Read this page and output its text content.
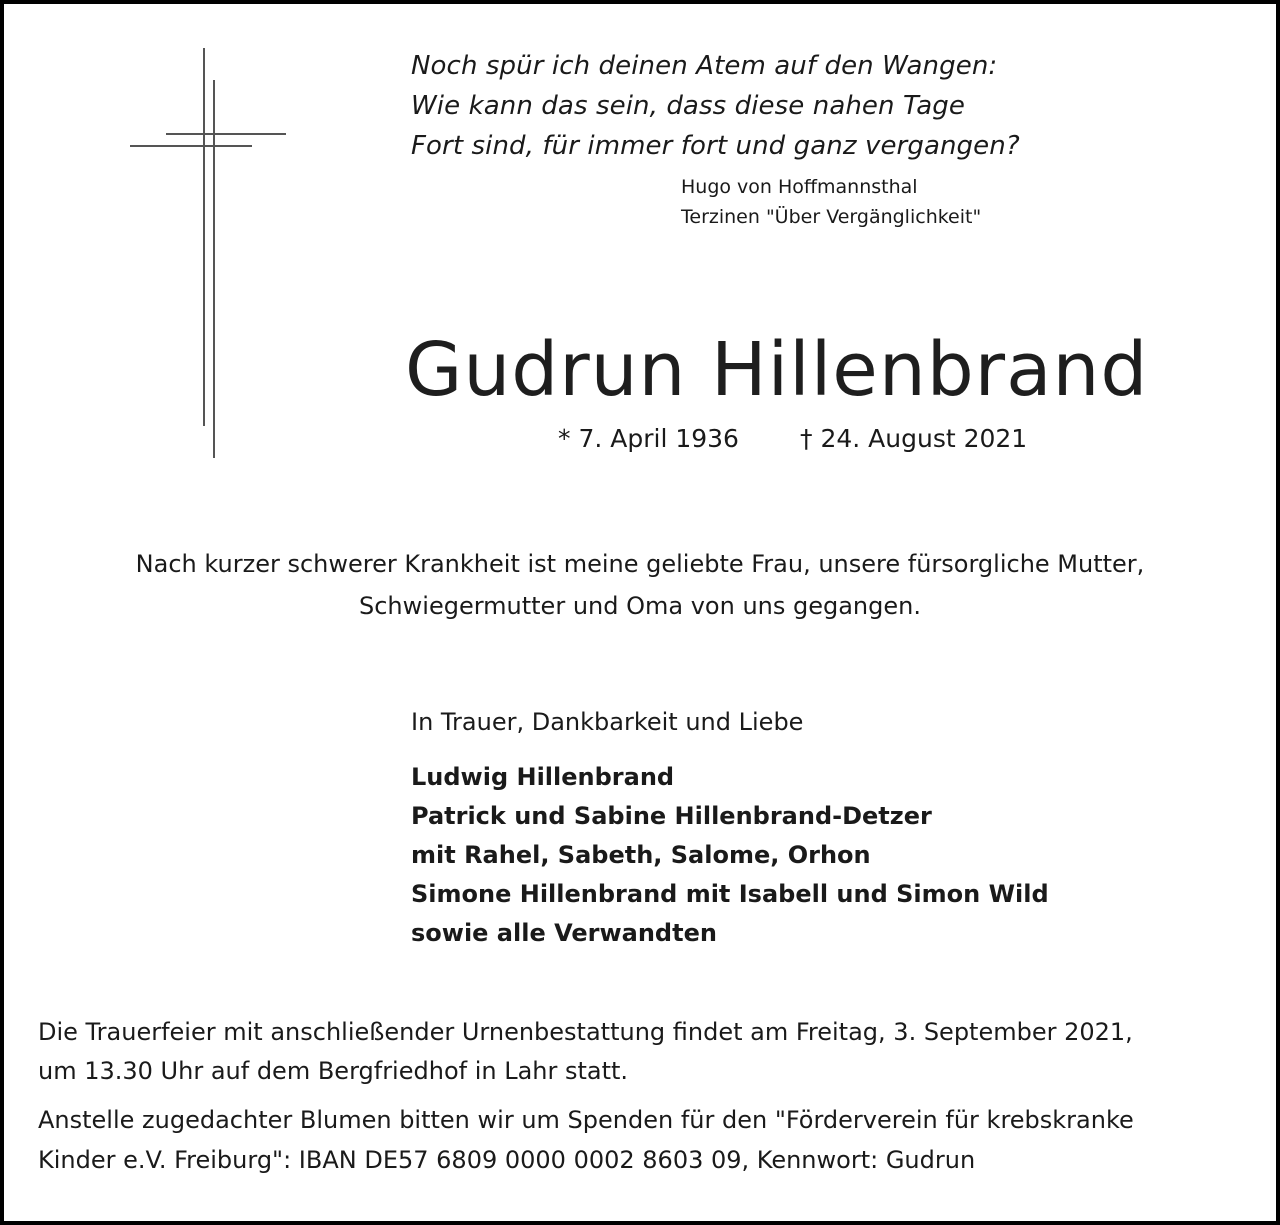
Noch spür ich deinen Atem auf den Wangen:
Wie kann das sein, dass diese nahen Tage
Fort sind, für immer fort und ganz vergangen?
Hugo von Hoffmannsthal
Terzinen "Über Vergänglichkeit"
Gudrun Hillenbrand
* 7. April 1936 † 24. August 2021
Nach kurzer schwerer Krankheit ist meine geliebte Frau, unsere fürsorgliche Mutter,
Schwiegermutter und Oma von uns gegangen.
In Trauer, Dankbarkeit und Liebe
Ludwig Hillenbrand
Patrick und Sabine Hillenbrand-Detzer
mit Rahel, Sabeth, Salome, Orhon
Simone Hillenbrand mit Isabell und Simon Wild
sowie alle Verwandten
Die Trauerfeier mit anschließender Urnenbestattung findet am Freitag, 3. September 2021,
um 13.30 Uhr auf dem Bergfriedhof in Lahr statt.
Anstelle zugedachter Blumen bitten wir um Spenden für den "Förderverein für krebskranke
Kinder e.V. Freiburg": IBAN DE57 6809 0000 0002 8603 09, Kennwort: Gudrun
